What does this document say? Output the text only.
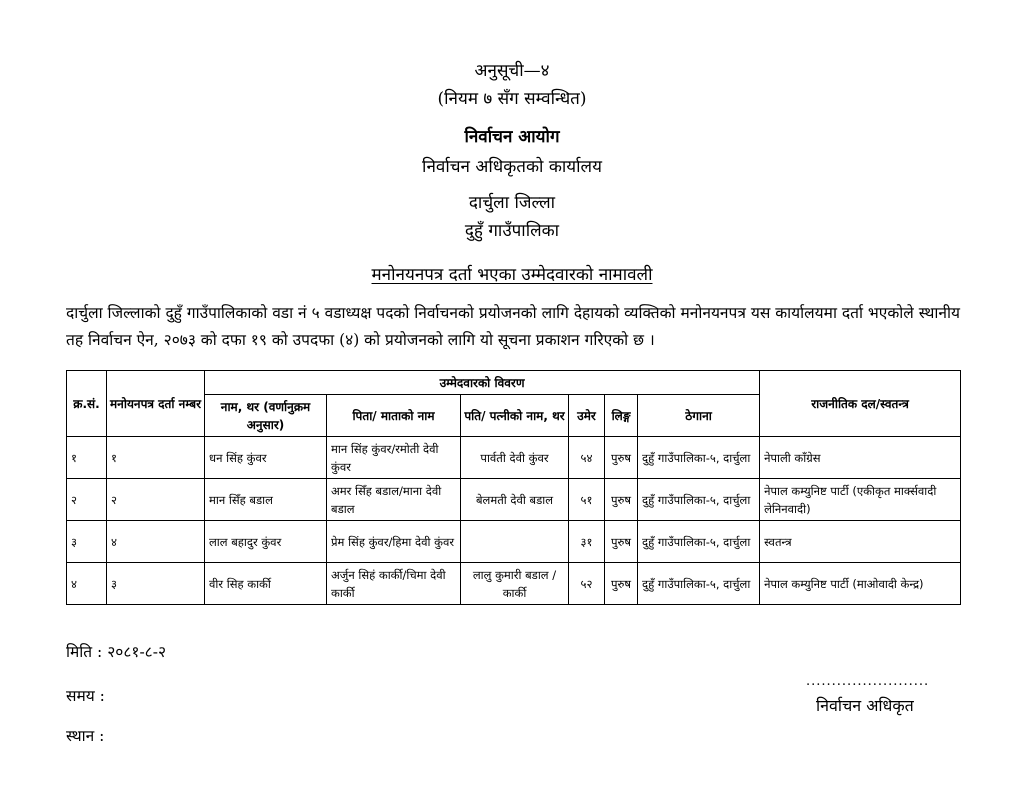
अनुसूची—४
(नियम ७ सँग सम्वन्धित)
निर्वाचन आयोग
निर्वाचन अधिकृतको कार्यालय
दार्चुला जिल्ला
दुहुँ गाउँपालिका
मनोनयनपत्र दर्ता भएका उम्मेदवारको नामावली
दार्चुला जिल्लाको दुहुँ गाउँपालिकाको वडा नं ५ वडाध्यक्ष पदको निर्वाचनको प्रयोजनको लागि देहायको व्यक्तिको मनोनयनपत्र यस कार्यालयमा दर्ता भएकोले स्थानीय तह निर्वाचन ऐन, २०७३ को दफा १९ को उपदफा (४) को प्रयोजनको लागि यो सूचना प्रकाशन गरिएको छ ।
क्र.सं.	मनोयनपत्र दर्ता नम्बर	उम्मेदवारको विवरण						राजनीतिक दल/स्वतन्त्र
		नाम, थर (वर्णानुक्रम अनुसार)	पिता/ माताको नाम	पति/ पत्नीको नाम, थर	उमेर	लिङ्ग	ठेगाना	
१	१	धन सिंह कुंवर	मान सिंह कुंवर/रमोती देवी कुंवर	पार्वती देवी कुंवर	५४	पुरुष	दुहुँ गाउँपालिका-५, दार्चुला	नेपाली काँग्रेस
२	२	मान सिँह बडाल	अमर सिँह बडाल/माना देवी बडाल	बेलमती देवी बडाल	५१	पुरुष	दुहुँ गाउँपालिका-५, दार्चुला	नेपाल कम्युनिष्ट पार्टी (एकीकृत मार्क्सवादी लेनिनवादी)
३	४	लाल बहादुर कुंवर	प्रेम सिंह कुंवर/हिमा देवी कुंवर		३१	पुरुष	दुहुँ गाउँपालिका-५, दार्चुला	स्वतन्त्र
४	३	वीर सिह कार्की	अर्जुन सिहं कार्की/चिमा देवी कार्की	लालु कुमारी बडाल /कार्की	५२	पुरुष	दुहुँ गाउँपालिका-५, दार्चुला	नेपाल कम्युनिष्ट पार्टी (माओवादी केन्द्र)
मिति : २०८१-८-२
समय :
स्थान :
........................
निर्वाचन अधिकृत
